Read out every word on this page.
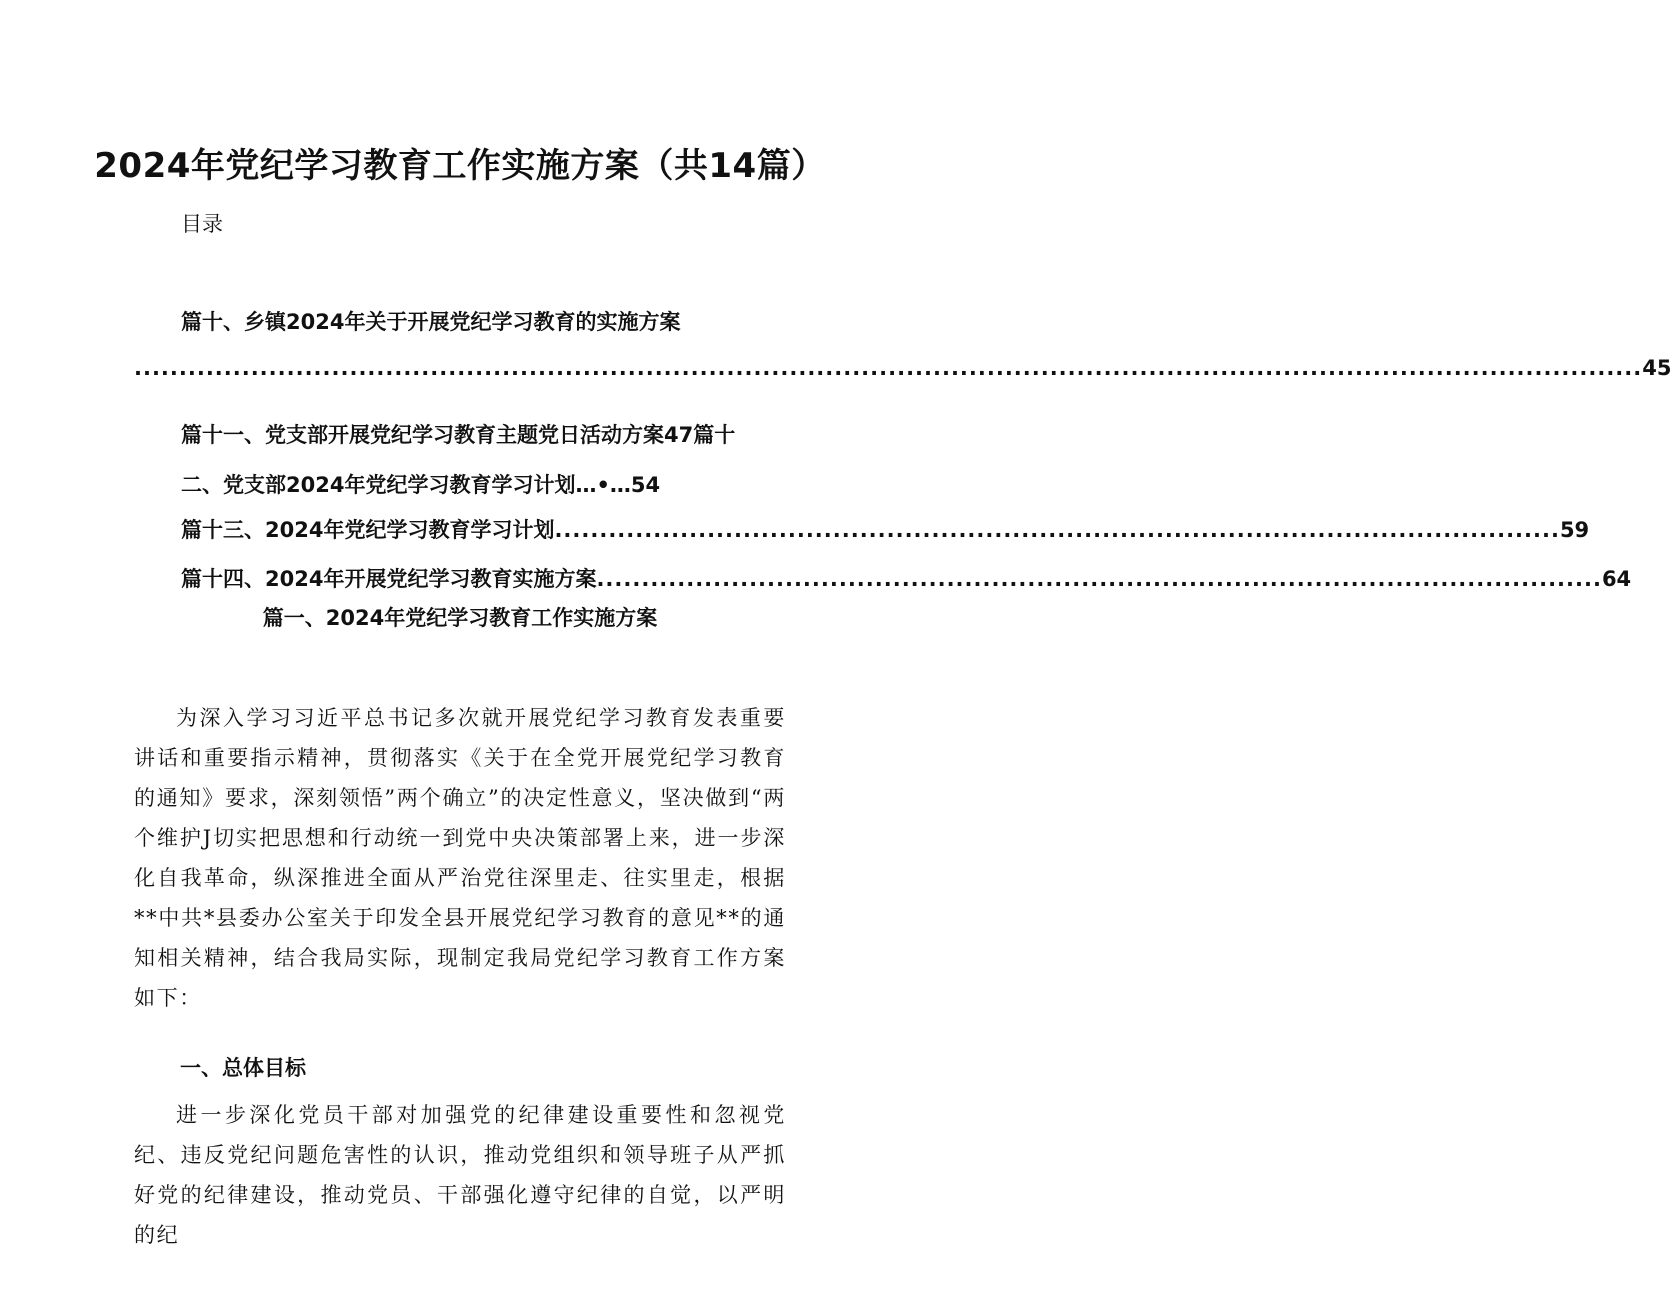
2024年党纪学习教育工作实施方案（共14篇）
目录
篇十、乡镇2024年关于开展党纪学习教育的实施方案
........................................................................................................................................................................ 45
篇十一、党支部开展党纪学习教育主题党日活动方案47篇十
二、党支部2024年党纪学习教育学习计划…•…54
篇十三、2024年党纪学习教育学习计划 ................................................................................................................ 59
篇十四、2024年开展党纪学习教育实施方案 ................................................................................................................ 64
篇一、2024年党纪学习教育工作实施方案

为深入学习习近平总书记多次就开展党纪学习教育发表重要讲话和重要指示精神，贯彻落实《关于在全党开展党纪学习教育的通知》要求，深刻领悟”两个确立”的决定性意义，坚决做到“两个维护J切实把思想和行动统一到党中央决策部署上来，进一步深化自我革命，纵深推进全面从严治党往深里走、往实里走，根据**中共*县委办公室关于印发全县开展党纪学习教育的意见**的通知相关精神，结合我局实际，现制定我局党纪学习教育工作方案如下：

一、总体目标

进一步深化党员干部对加强党的纪律建设重要性和忽视党纪、违反党纪问题危害性的认识，推动党组织和领导班子从严抓好党的纪律建设，推动党员、干部强化遵守纪律的自觉，以严明的纪
